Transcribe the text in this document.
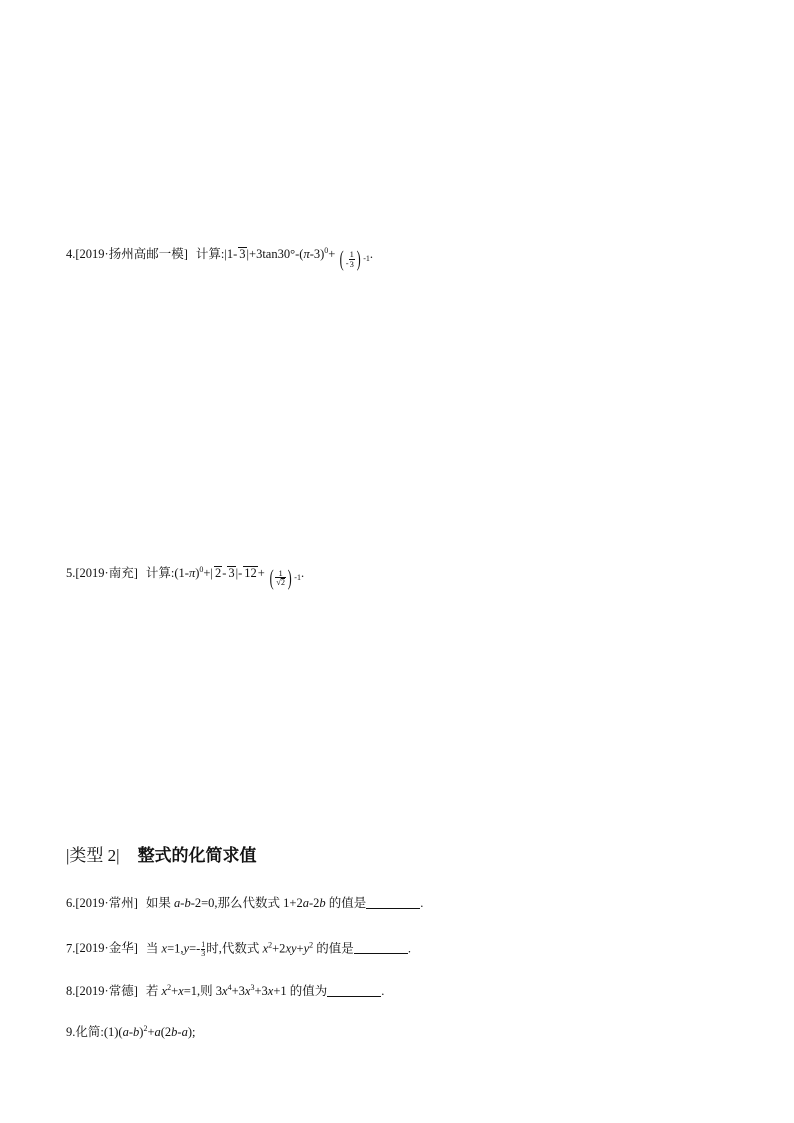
4.[2019·扬州高邮一模] 计算:|1- $3|+3\tan 30^\circ-(\pi-3)^0+$ ( $_- \frac{1}{3}$ ) $_{-1}$.
5.[2019·南充] 计算$:(1-\pi)^0+|$ 2- 3|- 12+ ( $\frac{1}{√2}$ ) $_{-1}$.
|类型 2| 整式的化简求值
6.[2019·常州] 如果 a-b-2=0,那么代数式 1+2a-2b 的值是	.
7.[2019·金华] 当 $x=1,y=- \frac{1}{3}$ 时,代数式 $x^2+2xy+y^2$ 的值是	.
8.[2019·常德] 若 $x^2+x=1$,则 $3x^4+3x^3+3x+1$ 的值为	.
9.化简$:(1)(a-b)^2+a(2b-a)$;
